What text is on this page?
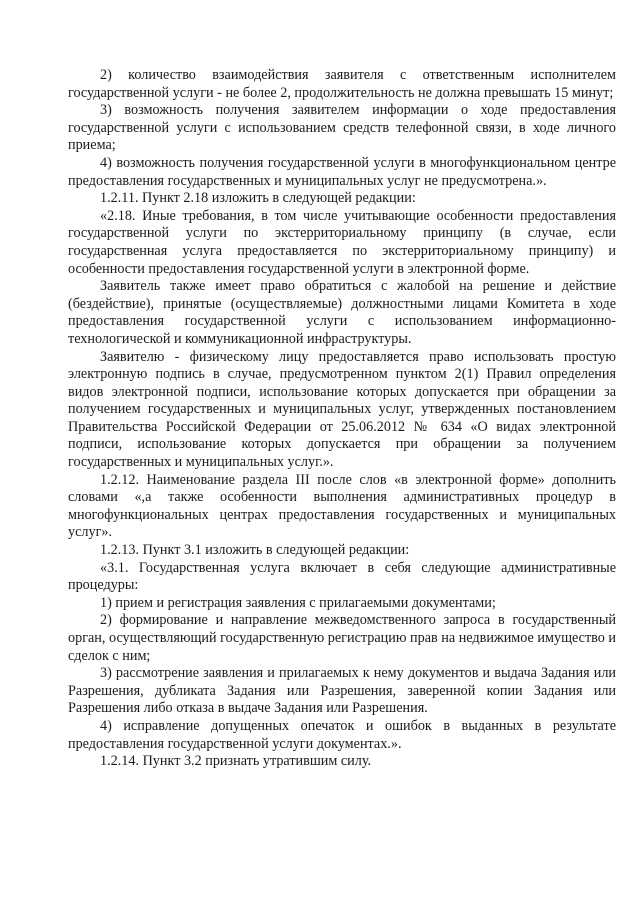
2) количество взаимодействия заявителя с ответственным исполнителем государственной услуги - не более 2, продолжительность не должна превышать 15 минут;

3) возможность получения заявителем информации о ходе предоставления государственной услуги с использованием средств телефонной связи, в ходе личного приема;

4) возможность получения государственной услуги в многофункциональном центре предоставления государственных и муниципальных услуг не предусмотрена.».

1.2.11. Пункт 2.18 изложить в следующей редакции:

«2.18. Иные требования, в том числе учитывающие особенности предоставления государственной услуги по экстерриториальному принципу (в случае, если государственная услуга предоставляется по экстерриториальному принципу) и особенности предоставления государственной услуги в электронной форме.

Заявитель также имеет право обратиться с жалобой на решение и действие (бездействие), принятые (осуществляемые) должностными лицами Комитета в ходе предоставления государственной услуги с использованием информационно-технологической и коммуникационной инфраструктуры.

Заявителю - физическому лицу предоставляется право использовать простую электронную подпись в случае, предусмотренном пунктом 2(1) Правил определения видов электронной подписи, использование которых допускается при обращении за получением государственных и муниципальных услуг, утвержденных постановлением Правительства Российской Федерации от 25.06.2012 № 634 «О видах электронной подписи, использование которых допускается при обращении за получением государственных и муниципальных услуг.».

1.2.12. Наименование раздела III после слов «в электронной форме» дополнить словами «,а также особенности выполнения административных процедур в многофункциональных центрах предоставления государственных и муниципальных услуг».

1.2.13. Пункт 3.1 изложить в следующей редакции:

«3.1. Государственная услуга включает в себя следующие административные процедуры:

1) прием и регистрация заявления с прилагаемыми документами;

2) формирование и направление межведомственного запроса в государственный орган, осуществляющий государственную регистрацию прав на недвижимое имущество и сделок с ним;

3) рассмотрение заявления и прилагаемых к нему документов и выдача Задания или Разрешения, дубликата Задания или Разрешения, заверенной копии Задания или Разрешения либо отказа в выдаче Задания или Разрешения.

4) исправление допущенных опечаток и ошибок в выданных в результате предоставления государственной услуги документах.».

1.2.14. Пункт 3.2 признать утратившим силу.
